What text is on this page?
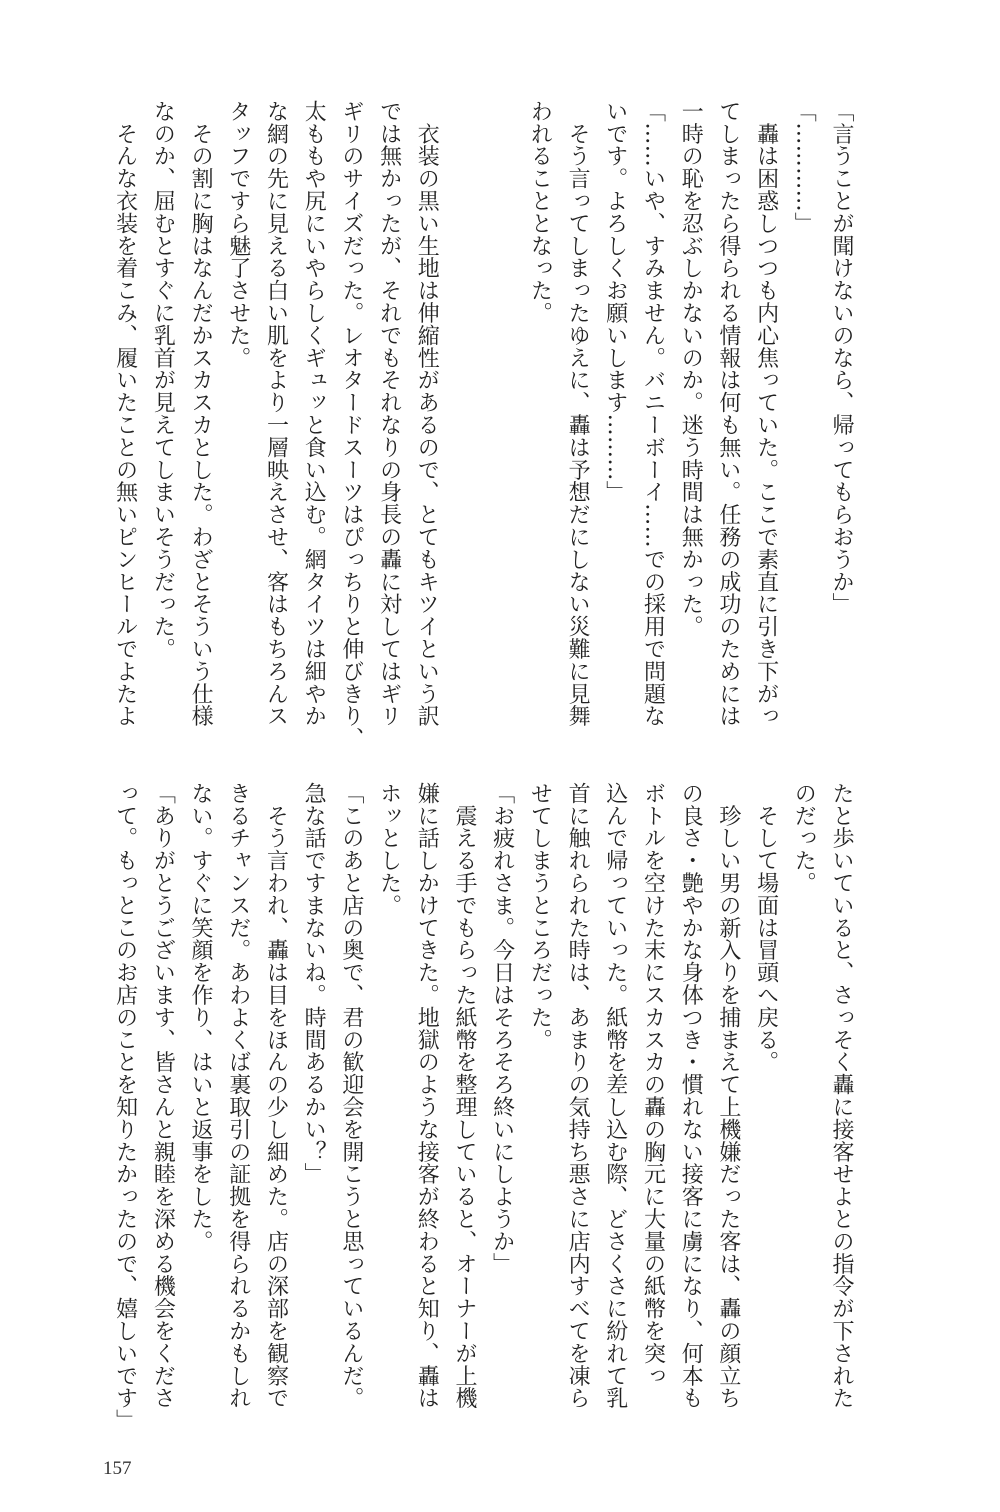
「言うことが聞けないのなら、帰ってもらおうか」
「…………」
　轟は困惑しつつも内心焦っていた。ここで素直に引き下がっ
てしまったら得られる情報は何も無い。任務の成功のためには
一時の恥を忍ぶしかないのか。迷う時間は無かった。
「……いや、すみません。バニーボーイ……での採用で問題な
いです。よろしくお願いします………」
　そう言ってしまったゆえに、轟は予想だにしない災難に見舞
われることとなった。
　衣装の黒い生地は伸縮性があるので、とてもキツイという訳
では無かったが、それでもそれなりの身長の轟に対してはギリ
ギリのサイズだった。レオタードスーツはぴっちりと伸びきり、
太ももや尻にいやらしくギュッと食い込む。網タイツは細やか
な網の先に見える白い肌をより一層映えさせ、客はもちろんス
タッフですら魅了させた。
　その割に胸はなんだかスカスカとした。わざとそういう仕様
なのか、屈むとすぐに乳首が見えてしまいそうだった。
　そんな衣装を着こみ、履いたことの無いピンヒールでよたよ
たと歩いていると、さっそく轟に接客せよとの指令が下された
のだった。
　そして場面は冒頭へ戻る。
　珍しい男の新入りを捕まえて上機嫌だった客は、轟の顔立ち
の良さ・艶やかな身体つき・慣れない接客に虜になり、何本も
ボトルを空けた末にスカスカの轟の胸元に大量の紙幣を突っ
込んで帰っていった。紙幣を差し込む際、どさくさに紛れて乳
首に触れられた時は、あまりの気持ち悪さに店内すべてを凍ら
せてしまうところだった。
「お疲れさま。今日はそろそろ終いにしようか」
　震える手でもらった紙幣を整理していると、オーナーが上機
嫌に話しかけてきた。地獄のような接客が終わると知り、轟は
ホッとした。
「このあと店の奥で、君の歓迎会を開こうと思っているんだ。
急な話ですまないね。時間あるかい？」
　そう言われ、轟は目をほんの少し細めた。店の深部を観察で
きるチャンスだ。あわよくば裏取引の証拠を得られるかもしれ
ない。すぐに笑顔を作り、はいと返事をした。
「ありがとうございます、皆さんと親睦を深める機会をくださ
って。もっとこのお店のことを知りたかったので、嬉しいです」
157
